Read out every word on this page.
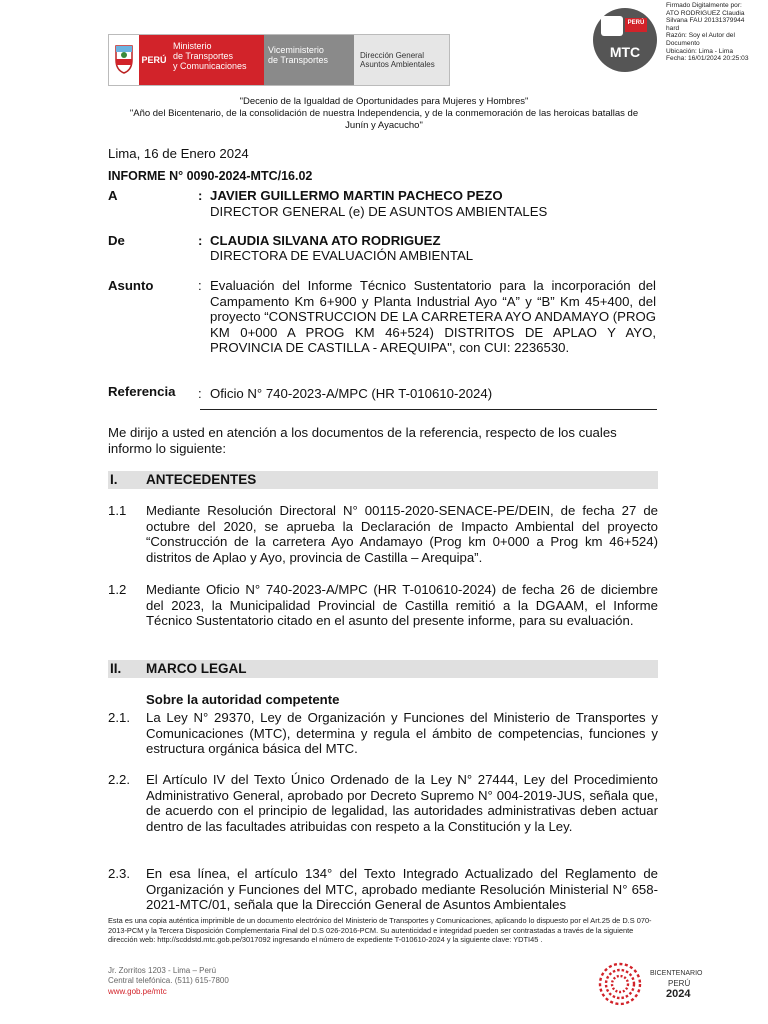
PERÚ
Ministerio
de Transportes
y Comunicaciones
Viceministerio
de Transportes	Dirección General
Asuntos Ambientales
PERÚ
MTC
Firmado Digitalmente por:
ATO RODRIGUEZ Claudia
Silvana FAU 20131379944
hard
Razón: Soy el Autor del
Documento
Ubicación: Lima - Lima
Fecha: 16/01/2024 20:25:03
"Decenio de la Igualdad de Oportunidades para Mujeres y Hombres"
"Año del Bicentenario, de la consolidación de nuestra Independencia, y de la conmemoración de las heroicas batallas de
Junín y Ayacucho"
Lima, 16 de Enero 2024
INFORME N° 0090-2024-MTC/16.02
A	: JAVIER GUILLERMO MARTIN PACHECO PEZO
DIRECTOR GENERAL (e) DE ASUNTOS AMBIENTALES
De	: CLAUDIA SILVANA ATO RODRIGUEZ
DIRECTORA DE EVALUACIÓN AMBIENTAL
Asunto	: Evaluación del Informe Técnico Sustentatorio para la incorporación del Campamento Km 6+900 y Planta Industrial Ayo “A” y “B” Km 45+400, del proyecto “CONSTRUCCION DE LA CARRETERA AYO ANDAMAYO (PROG KM 0+000 A PROG KM 46+524) DISTRITOS DE APLAO Y AYO, PROVINCIA DE CASTILLA - AREQUIPA", con CUI: 2236530.
Referencia : Oficio N° 740-2023-A/MPC (HR T-010610-2024)
Me dirijo a usted en atención a los documentos de la referencia, respecto de los cuales informo lo siguiente:
I. ANTECEDENTES
1.1 Mediante Resolución Directoral N° 00115-2020-SENACE-PE/DEIN, de fecha 27 de octubre del 2020, se aprueba la Declaración de Impacto Ambiental del proyecto “Construcción de la carretera Ayo Andamayo (Prog km 0+000 a Prog km 46+524) distritos de Aplao y Ayo, provincia de Castilla – Arequipa”.
1.2 Mediante Oficio N° 740-2023-A/MPC (HR T-010610-2024) de fecha 26 de diciembre del 2023, la Municipalidad Provincial de Castilla remitió a la DGAAM, el Informe Técnico Sustentatorio citado en el asunto del presente informe, para su evaluación.
II. MARCO LEGAL
Sobre la autoridad competente
2.1. La Ley N° 29370, Ley de Organización y Funciones del Ministerio de Transportes y Comunicaciones (MTC), determina y regula el ámbito de competencias, funciones y estructura orgánica básica del MTC.
2.2. El Artículo IV del Texto Único Ordenado de la Ley N° 27444, Ley del Procedimiento Administrativo General, aprobado por Decreto Supremo N° 004-2019-JUS, señala que, de acuerdo con el principio de legalidad, las autoridades administrativas deben actuar dentro de las facultades atribuidas con respeto a la Constitución y la Ley.
2.3. En esa línea, el artículo 134° del Texto Integrado Actualizado del Reglamento de Organización y Funciones del MTC, aprobado mediante Resolución Ministerial N° 658-2021-MTC/01, señala que la Dirección General de Asuntos Ambientales
Esta es una copia auténtica imprimible de un documento electrónico del Ministerio de Transportes y Comunicaciones, aplicando lo dispuesto por el Art.25 de D.S 070-2013-PCM y la Tercera Disposición Complementaria Final del D.S 026-2016-PCM. Su autenticidad e integridad pueden ser contrastadas a través de la siguiente dirección web: http://scddstd.mtc.gob.pe/3017092 ingresando el número de expediente T-010610-2024 y la siguiente clave: YDTI45 .
Jr. Zorritos 1203 - Lima – Perú
Central telefónica. (511) 615-7800
www.gob.pe/mtc
BICENTENARIO
PERÚ
2024
